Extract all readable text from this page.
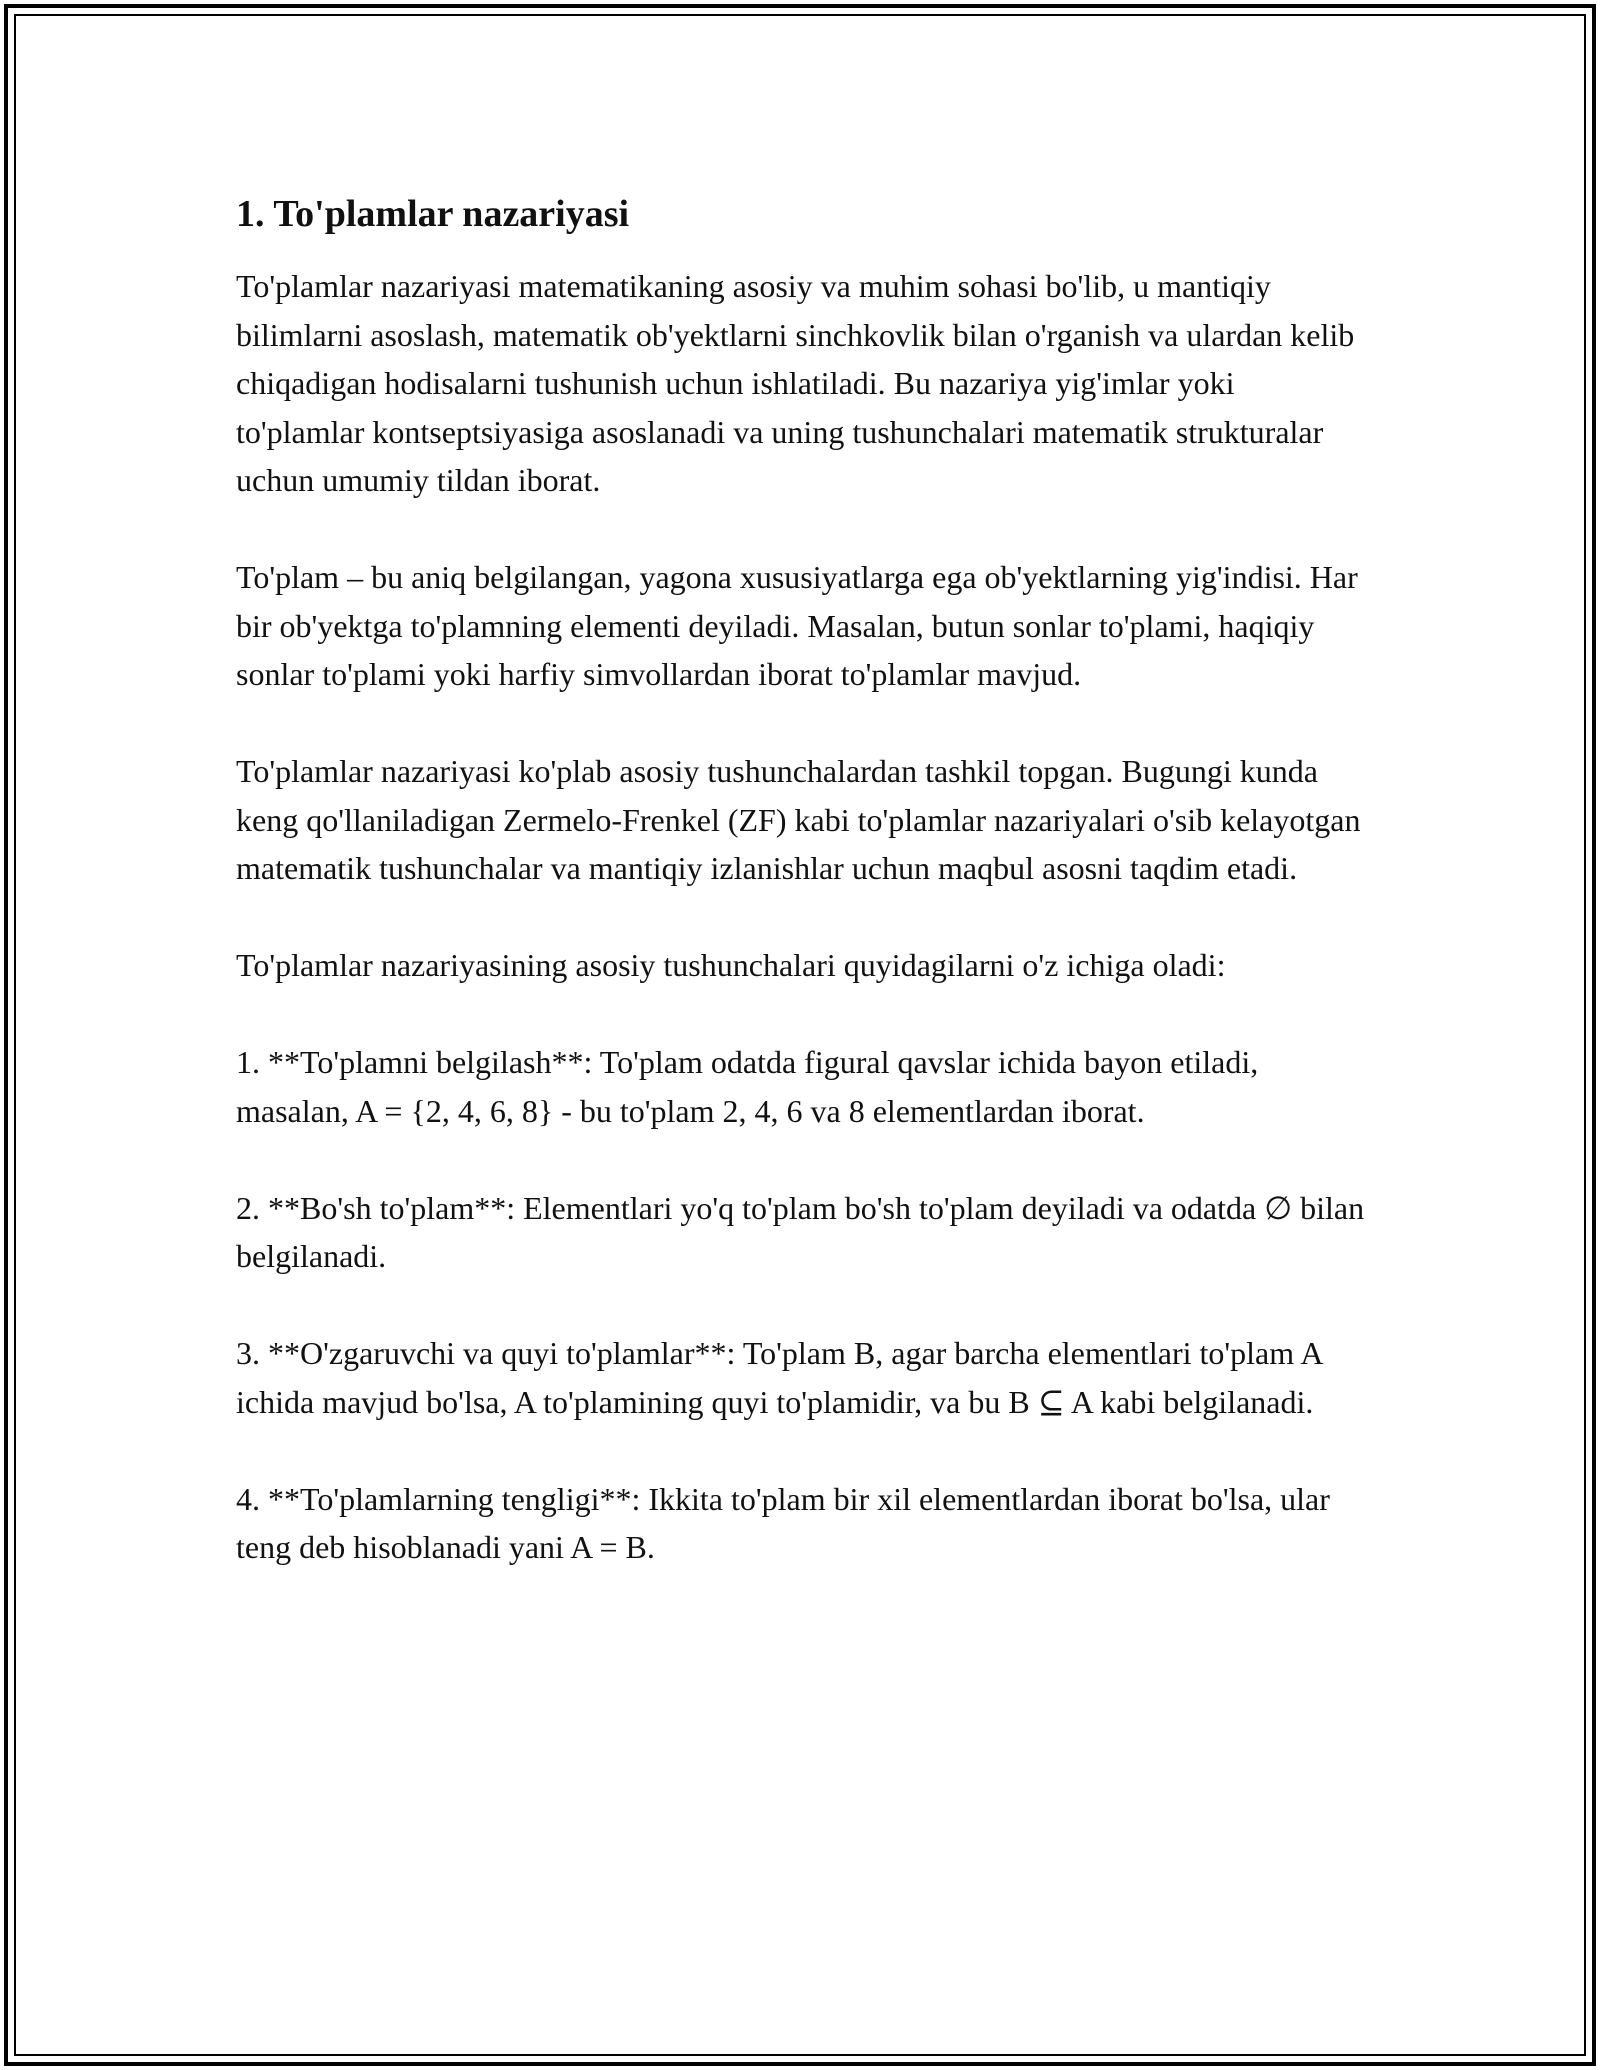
1. To'plamlar nazariyasi

To'plamlar nazariyasi matematikaning asosiy va muhim sohasi bo'lib, u mantiqiy bilimlarni asoslash, matematik ob'yektlarni sinchkovlik bilan o'rganish va ulardan kelib chiqadigan hodisalarni tushunish uchun ishlatiladi. Bu nazariya yig'imlar yoki to'plamlar kontseptsiyasiga asoslanadi va uning tushunchalari matematik strukturalar uchun umumiy tildan iborat.

To'plam – bu aniq belgilangan, yagona xususiyatlarga ega ob'yektlarning yig'indisi. Har bir ob'yektga to'plamning elementi deyiladi. Masalan, butun sonlar to'plami, haqiqiy sonlar to'plami yoki harfiy simvollardan iborat to'plamlar mavjud.

To'plamlar nazariyasi ko'plab asosiy tushunchalardan tashkil topgan. Bugungi kunda keng qo'llaniladigan Zermelo-Frenkel (ZF) kabi to'plamlar nazariyalari o'sib kelayotgan matematik tushunchalar va mantiqiy izlanishlar uchun maqbul asosni taqdim etadi.

To'plamlar nazariyasining asosiy tushunchalari quyidagilarni o'z ichiga oladi:

1. **To'plamni belgilash**: To'plam odatda figural qavslar ichida bayon etiladi, masalan, A = {2, 4, 6, 8} - bu to'plam 2, 4, 6 va 8 elementlardan iborat.

2. **Bo'sh to'plam**: Elementlari yo'q to'plam bo'sh to'plam deyiladi va odatda ∅ bilan belgilanadi.

3. **O'zgaruvchi va quyi to'plamlar**: To'plam B, agar barcha elementlari to'plam A ichida mavjud bo'lsa, A to'plamining quyi to'plamidir, va bu B ⊆ A kabi belgilanadi.

4. **To'plamlarning tengligi**: Ikkita to'plam bir xil elementlardan iborat bo'lsa, ular teng deb hisoblanadi yani A = B.
